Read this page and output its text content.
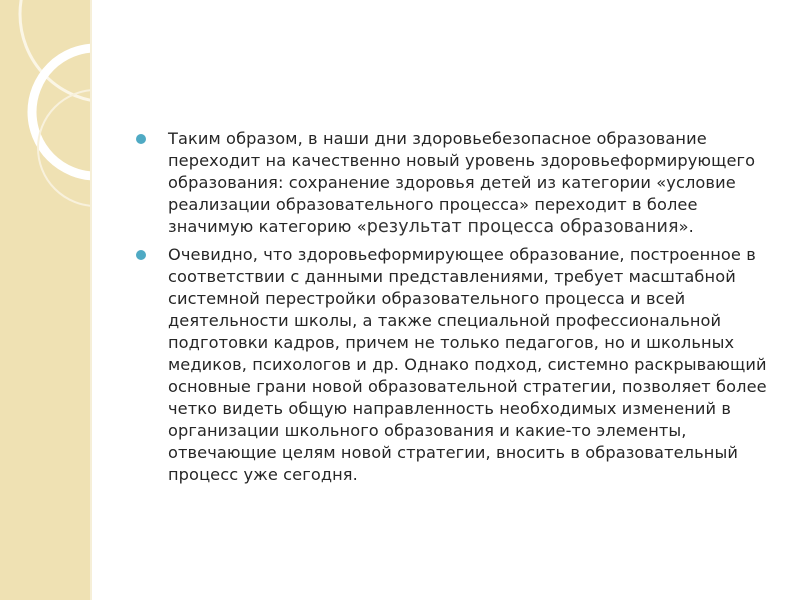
Таким образом, в наши дни здоровьебезопасное образование переходит на качественно новый уровень здоровьеформирующего образования: сохранение здоровья детей из категории «условие реализации образовательного процесса» переходит в более значимую категорию «результат процесса образования».

Очевидно, что здоровьеформирующее образование, построенное в соответствии с данными представлениями, требует масштабной системной перестройки образовательного процесса и всей деятельности школы, а также специальной профессиональной подготовки кадров, причем не только педагогов, но и школьных медиков, психологов и др. Однако подход, системно раскрывающий основные грани новой образовательной стратегии, позволяет более четко видеть общую направленность необходимых изменений в организации школьного образования и какие-то элементы, отвечающие целям новой стратегии, вносить в образовательный процесс уже сегодня.
